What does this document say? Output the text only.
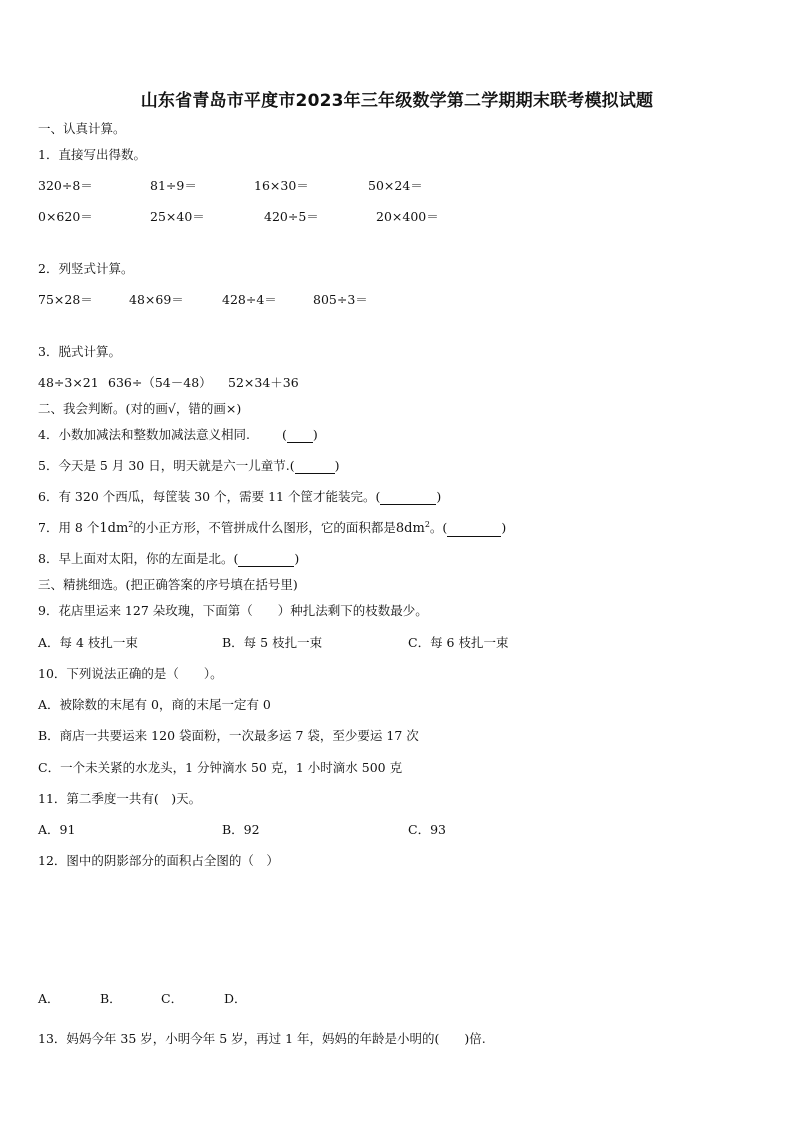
山东省青岛市平度市2023年三年级数学第二学期期末联考模拟试题
一、认真计算。
1．直接写出得数。
320÷8＝	81÷9＝	16×30＝	50×24＝
0×620＝	25×40＝	420÷5＝	20×400＝
2．列竖式计算。
75×28＝	48×69＝	428÷4＝	805÷3＝
3．脱式计算。
48÷3×21 636÷（54－48） 52×34＋36
二、我会判断。(对的画√，错的画×)
4．小数加减法和整数加减法意义相同.	( )
5．今天是 5 月 30 日，明天就是六一儿童节.(	)
6．有 320 个西瓜，每筐装 30 个，需要 11 个筐才能装完。(	)
7．用 8 个$1dm^2$的小正方形，不管拼成什么图形，它的面积都是$8dm^2$。(	)
8．早上面对太阳，你的左面是北。(	)
三、精挑细选。(把正确答案的序号填在括号里)
9．花店里运来 127 朵玫瑰，下面第（　　）种扎法剩下的枝数最少。
A．每 4 枝扎一束	B．每 5 枝扎一束	C．每 6 枝扎一束
10．下列说法正确的是（　　）。
A．被除数的末尾有 0，商的末尾一定有 0
B．商店一共要运来 120 袋面粉，一次最多运 7 袋，至少要运 17 次
C．一个未关紧的水龙头，1 分钟滴水 50 克，1 小时滴水 500 克
11．第二季度一共有(　)天。
A．91	B．92	C．93
12．图中的阴影部分的面积占全图的（　）
A．	B．	C．	D．
13．妈妈今年 35 岁，小明今年 5 岁，再过 1 年，妈妈的年龄是小明的(　　)倍.
